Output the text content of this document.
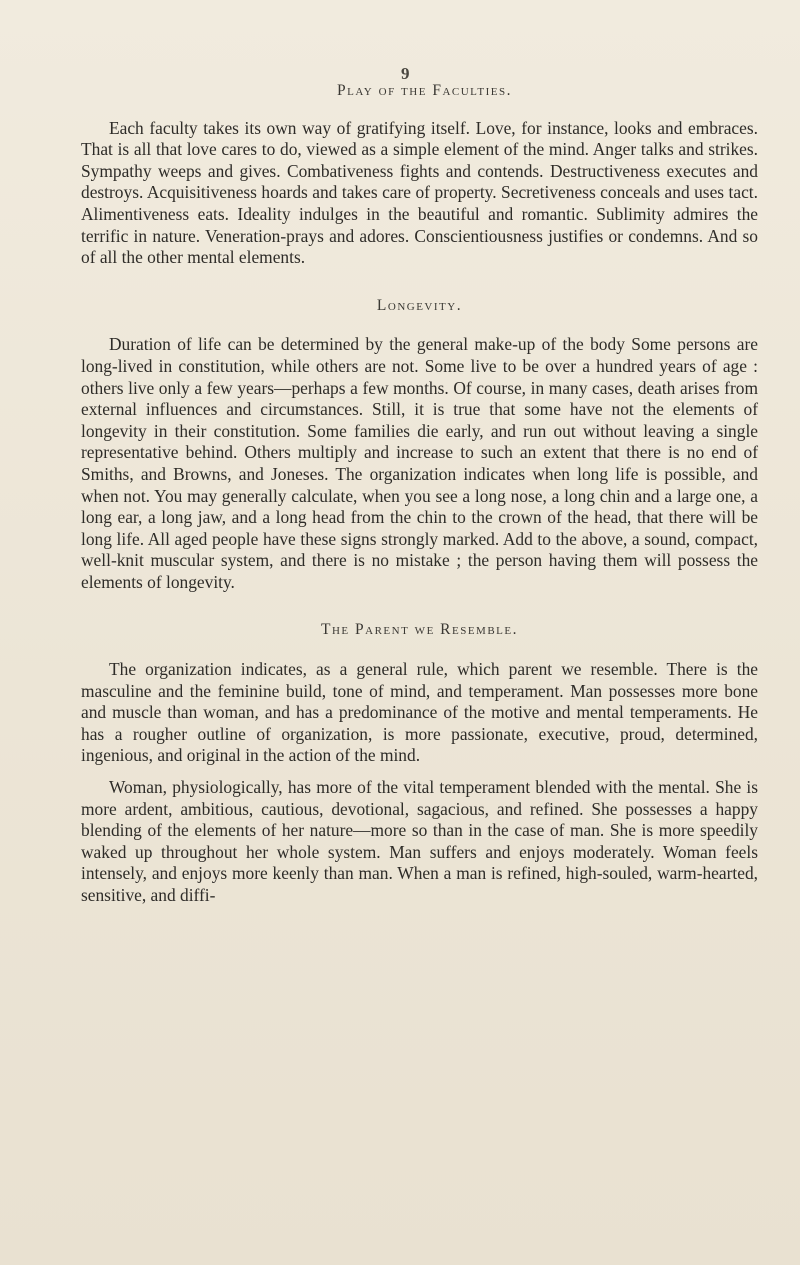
9
Play of the Faculties.

Each faculty takes its own way of gratifying itself. Love, for instance, looks and embraces. That is all that love cares to do, viewed as a simple element of the mind. Anger talks and strikes. Sympathy weeps and gives. Combativeness fights and contends. Destructiveness executes and destroys. Acquisitiveness hoards and takes care of property. Secretiveness conceals and uses tact. Alimentiveness eats. Ideality indulges in the beautiful and romantic. Sublimity admires the terrific in nature. Veneration-prays and adores. Conscientiousness justifies or condemns. And so of all the other mental elements.

Longevity.

Duration of life can be determined by the general make-up of the body Some persons are long-lived in constitution, while others are not. Some live to be over a hundred years of age : others live only a few years—perhaps a few months. Of course, in many cases, death arises from external influences and circumstances. Still, it is true that some have not the elements of longevity in their constitution. Some families die early, and run out without leaving a single representative behind. Others multiply and increase to such an extent that there is no end of Smiths, and Browns, and Joneses. The organization indicates when long life is possible, and when not. You may generally calculate, when you see a long nose, a long chin and a large one, a long ear, a long jaw, and a long head from the chin to the crown of the head, that there will be long life. All aged people have these signs strongly marked. Add to the above, a sound, compact, well-knit muscular system, and there is no mistake ; the person having them will possess the elements of longevity.

The Parent we Resemble.

The organization indicates, as a general rule, which parent we resemble. There is the masculine and the feminine build, tone of mind, and temperament. Man possesses more bone and muscle than woman, and has a predominance of the motive and mental temperaments. He has a rougher outline of organization, is more passionate, executive, proud, determined, ingenious, and original in the action of the mind.

Woman, physiologically, has more of the vital temperament blended with the mental. She is more ardent, ambitious, cautious, devotional, sagacious, and refined. She possesses a happy blending of the elements of her nature—more so than in the case of man. She is more speedily waked up throughout her whole system. Man suffers and enjoys moderately. Woman feels intensely, and enjoys more keenly than man. When a man is refined, high-souled, warm-hearted, sensitive, and diffi-
